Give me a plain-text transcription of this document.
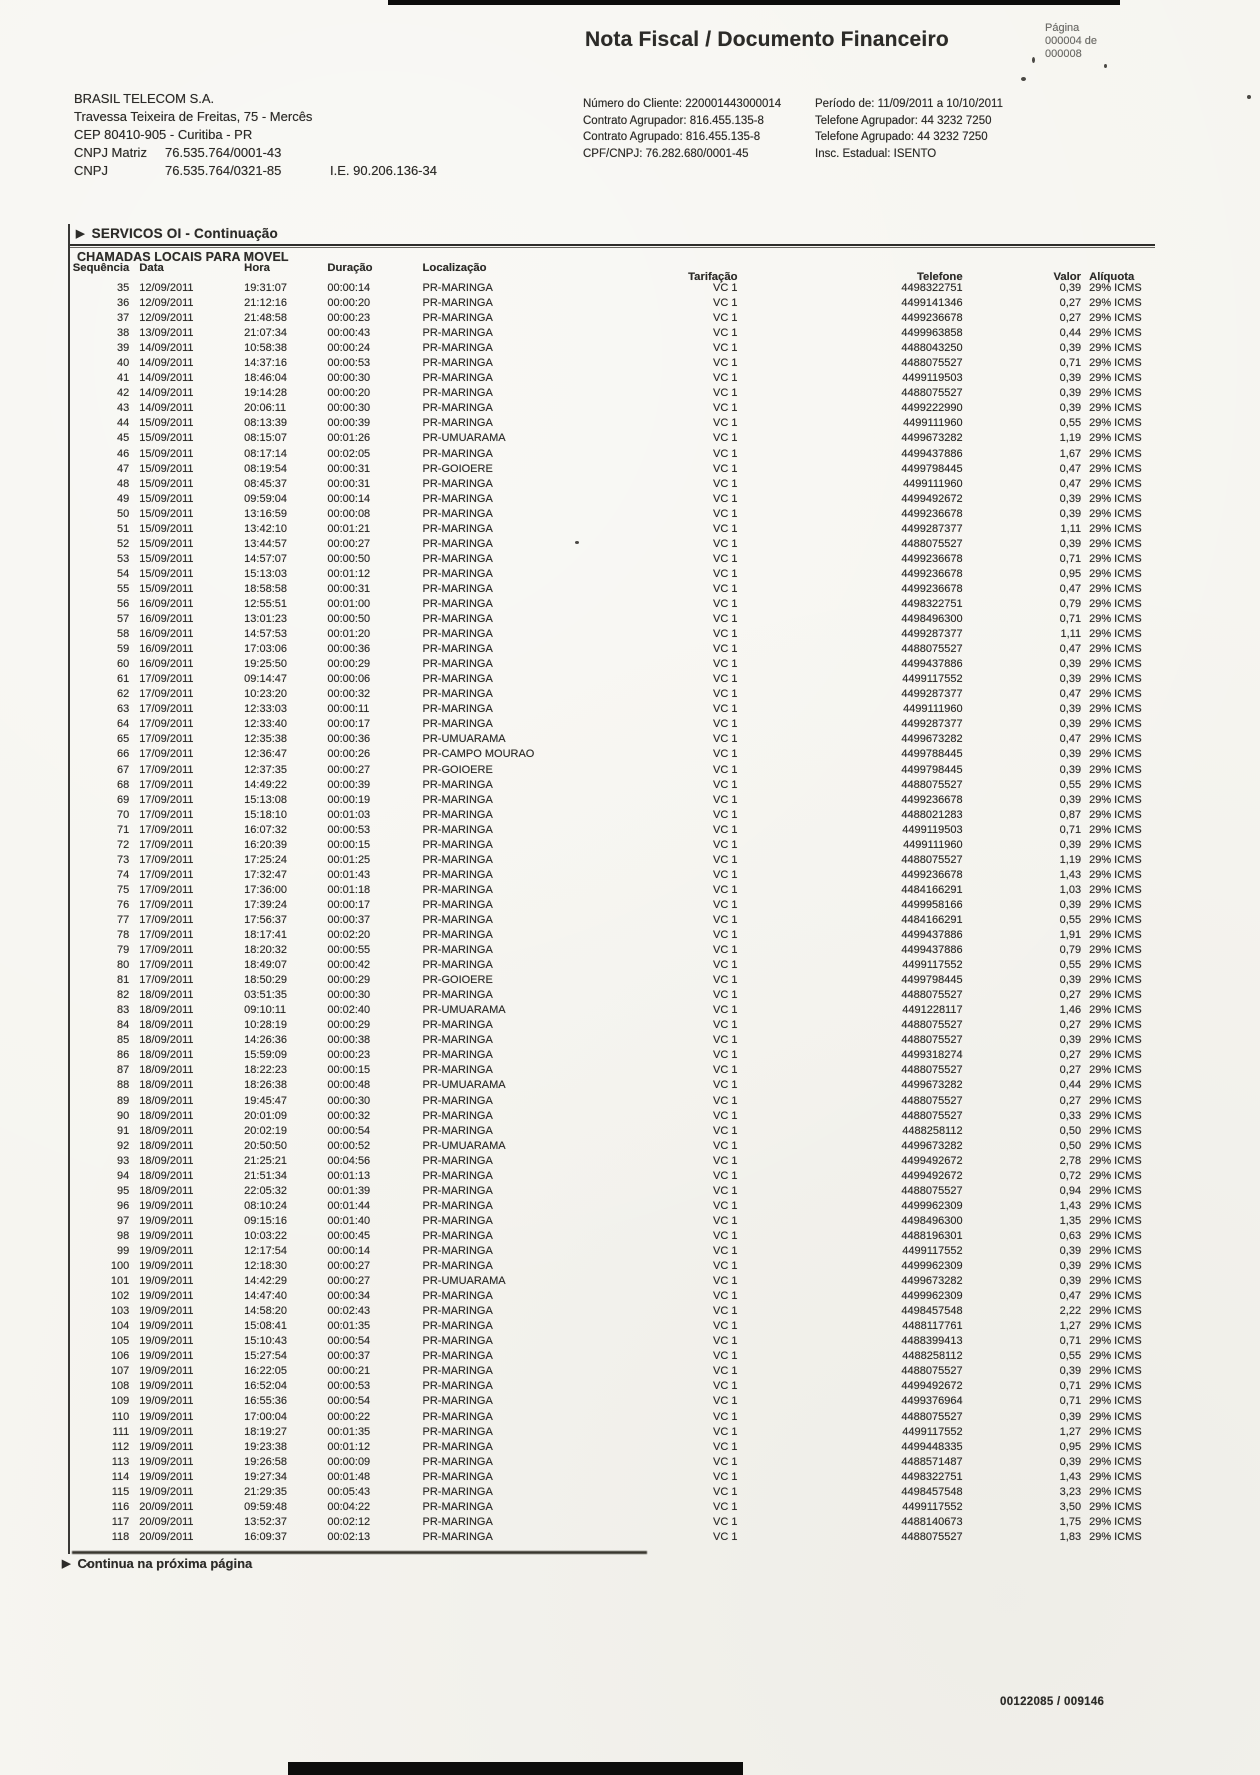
Nota Fiscal / Documento Financeiro	Página
000004 de
000008
BRASIL TELECOM S.A.
Travessa Teixeira de Freitas, 75 - Mercês
CEP 80410-905 - Curitiba - PR
CNPJ Matriz	76.535.764/0001-43
CNPJ	76.535.764/0321-85	I.E. 90.206.136-34
Número do Cliente: 220001443000014
Contrato Agrupador: 816.455.135-8
Contrato Agrupado: 816.455.135-8
CPF/CNPJ: 76.282.680/0001-45
Período de: 11/09/2011 a 10/10/2011
Telefone Agrupador: 44 3232 7250
Telefone Agrupado: 44 3232 7250
Insc. Estadual: ISENTO
▶ SERVICOS OI - Continuação
CHAMADAS LOCAIS PARA MOVEL
Sequência Data	Hora	Duração	Localização
Tarifação	Telefone	Valor Alíquota
35 12/09/2011	19:31:07	00:00:14	PR-MARINGA	VC 1	4498322751	0,39 29% ICMS
36 12/09/2011	21:12:16	00:00:20	PR-MARINGA	VC 1	4499141346	0,27 29% ICMS
37 12/09/2011	21:48:58	00:00:23	PR-MARINGA	VC 1	4499236678	0,27 29% ICMS
38 13/09/2011	21:07:34	00:00:43	PR-MARINGA	VC 1	4499963858	0,44 29% ICMS
39 14/09/2011	10:58:38	00:00:24	PR-MARINGA	VC 1	4488043250	0,39 29% ICMS
40 14/09/2011	14:37:16	00:00:53	PR-MARINGA	VC 1	4488075527	0,71 29% ICMS
41 14/09/2011	18:46:04	00:00:30	PR-MARINGA	VC 1	4499119503	0,39 29% ICMS
42 14/09/2011	19:14:28	00:00:20	PR-MARINGA	VC 1	4488075527	0,39 29% ICMS
43 14/09/2011	20:06:11	00:00:30	PR-MARINGA	VC 1	4499222990	0,39 29% ICMS
44 15/09/2011	08:13:39	00:00:39	PR-MARINGA	VC 1	4499111960	0,55 29% ICMS
45 15/09/2011	08:15:07	00:01:26	PR-UMUARAMA	VC 1	4499673282	1,19 29% ICMS
46 15/09/2011	08:17:14	00:02:05	PR-MARINGA	VC 1	4499437886	1,67 29% ICMS
47 15/09/2011	08:19:54	00:00:31	PR-GOIOERE	VC 1	4499798445	0,47 29% ICMS
48 15/09/2011	08:45:37	00:00:31	PR-MARINGA	VC 1	4499111960	0,47 29% ICMS
49 15/09/2011	09:59:04	00:00:14	PR-MARINGA	VC 1	4499492672	0,39 29% ICMS
50 15/09/2011	13:16:59	00:00:08	PR-MARINGA	VC 1	4499236678	0,39 29% ICMS
51 15/09/2011	13:42:10	00:01:21	PR-MARINGA	VC 1	4499287377	1,11 29% ICMS
52 15/09/2011	13:44:57	00:00:27	PR-MARINGA	VC 1	4488075527	0,39 29% ICMS
53 15/09/2011	14:57:07	00:00:50	PR-MARINGA	VC 1	4499236678	0,71 29% ICMS
54 15/09/2011	15:13:03	00:01:12	PR-MARINGA	VC 1	4499236678	0,95 29% ICMS
55 15/09/2011	18:58:58	00:00:31	PR-MARINGA	VC 1	4499236678	0,47 29% ICMS
56 16/09/2011	12:55:51	00:01:00	PR-MARINGA	VC 1	4498322751	0,79 29% ICMS
57 16/09/2011	13:01:23	00:00:50	PR-MARINGA	VC 1	4498496300	0,71 29% ICMS
58 16/09/2011	14:57:53	00:01:20	PR-MARINGA	VC 1	4499287377	1,11 29% ICMS
59 16/09/2011	17:03:06	00:00:36	PR-MARINGA	VC 1	4488075527	0,47 29% ICMS
60 16/09/2011	19:25:50	00:00:29	PR-MARINGA	VC 1	4499437886	0,39 29% ICMS
61 17/09/2011	09:14:47	00:00:06	PR-MARINGA	VC 1	4499117552	0,39 29% ICMS
62 17/09/2011	10:23:20	00:00:32	PR-MARINGA	VC 1	4499287377	0,47 29% ICMS
63 17/09/2011	12:33:03	00:00:11	PR-MARINGA	VC 1	4499111960	0,39 29% ICMS
64 17/09/2011	12:33:40	00:00:17	PR-MARINGA	VC 1	4499287377	0,39 29% ICMS
65 17/09/2011	12:35:38	00:00:36	PR-UMUARAMA	VC 1	4499673282	0,47 29% ICMS
66 17/09/2011	12:36:47	00:00:26	PR-CAMPO MOURAO	VC 1	4499788445	0,39 29% ICMS
67 17/09/2011	12:37:35	00:00:27	PR-GOIOERE	VC 1	4499798445	0,39 29% ICMS
68 17/09/2011	14:49:22	00:00:39	PR-MARINGA	VC 1	4488075527	0,55 29% ICMS
69 17/09/2011	15:13:08	00:00:19	PR-MARINGA	VC 1	4499236678	0,39 29% ICMS
70 17/09/2011	15:18:10	00:01:03	PR-MARINGA	VC 1	4488021283	0,87 29% ICMS
71 17/09/2011	16:07:32	00:00:53	PR-MARINGA	VC 1	4499119503	0,71 29% ICMS
72 17/09/2011	16:20:39	00:00:15	PR-MARINGA	VC 1	4499111960	0,39 29% ICMS
73 17/09/2011	17:25:24	00:01:25	PR-MARINGA	VC 1	4488075527	1,19 29% ICMS
74 17/09/2011	17:32:47	00:01:43	PR-MARINGA	VC 1	4499236678	1,43 29% ICMS
75 17/09/2011	17:36:00	00:01:18	PR-MARINGA	VC 1	4484166291	1,03 29% ICMS
76 17/09/2011	17:39:24	00:00:17	PR-MARINGA	VC 1	4499958166	0,39 29% ICMS
77 17/09/2011	17:56:37	00:00:37	PR-MARINGA	VC 1	4484166291	0,55 29% ICMS
78 17/09/2011	18:17:41	00:02:20	PR-MARINGA	VC 1	4499437886	1,91 29% ICMS
79 17/09/2011	18:20:32	00:00:55	PR-MARINGA	VC 1	4499437886	0,79 29% ICMS
80 17/09/2011	18:49:07	00:00:42	PR-MARINGA	VC 1	4499117552	0,55 29% ICMS
81 17/09/2011	18:50:29	00:00:29	PR-GOIOERE	VC 1	4499798445	0,39 29% ICMS
82 18/09/2011	03:51:35	00:00:30	PR-MARINGA	VC 1	4488075527	0,27 29% ICMS
83 18/09/2011	09:10:11	00:02:40	PR-UMUARAMA	VC 1	4491228117	1,46 29% ICMS
84 18/09/2011	10:28:19	00:00:29	PR-MARINGA	VC 1	4488075527	0,27 29% ICMS
85 18/09/2011	14:26:36	00:00:38	PR-MARINGA	VC 1	4488075527	0,39 29% ICMS
86 18/09/2011	15:59:09	00:00:23	PR-MARINGA	VC 1	4499318274	0,27 29% ICMS
87 18/09/2011	18:22:23	00:00:15	PR-MARINGA	VC 1	4488075527	0,27 29% ICMS
88 18/09/2011	18:26:38	00:00:48	PR-UMUARAMA	VC 1	4499673282	0,44 29% ICMS
89 18/09/2011	19:45:47	00:00:30	PR-MARINGA	VC 1	4488075527	0,27 29% ICMS
90 18/09/2011	20:01:09	00:00:32	PR-MARINGA	VC 1	4488075527	0,33 29% ICMS
91 18/09/2011	20:02:19	00:00:54	PR-MARINGA	VC 1	4488258112	0,50 29% ICMS
92 18/09/2011	20:50:50	00:00:52	PR-UMUARAMA	VC 1	4499673282	0,50 29% ICMS
93 18/09/2011	21:25:21	00:04:56	PR-MARINGA	VC 1	4499492672	2,78 29% ICMS
94 18/09/2011	21:51:34	00:01:13	PR-MARINGA	VC 1	4499492672	0,72 29% ICMS
95 18/09/2011	22:05:32	00:01:39	PR-MARINGA	VC 1	4488075527	0,94 29% ICMS
96 19/09/2011	08:10:24	00:01:44	PR-MARINGA	VC 1	4499962309	1,43 29% ICMS
97 19/09/2011	09:15:16	00:01:40	PR-MARINGA	VC 1	4498496300	1,35 29% ICMS
98 19/09/2011	10:03:22	00:00:45	PR-MARINGA	VC 1	4488196301	0,63 29% ICMS
99 19/09/2011	12:17:54	00:00:14	PR-MARINGA	VC 1	4499117552	0,39 29% ICMS
100 19/09/2011	12:18:30	00:00:27	PR-MARINGA	VC 1	4499962309	0,39 29% ICMS
101 19/09/2011	14:42:29	00:00:27	PR-UMUARAMA	VC 1	4499673282	0,39 29% ICMS
102 19/09/2011	14:47:40	00:00:34	PR-MARINGA	VC 1	4499962309	0,47 29% ICMS
103 19/09/2011	14:58:20	00:02:43	PR-MARINGA	VC 1	4498457548	2,22 29% ICMS
104 19/09/2011	15:08:41	00:01:35	PR-MARINGA	VC 1	4488117761	1,27 29% ICMS
105 19/09/2011	15:10:43	00:00:54	PR-MARINGA	VC 1	4488399413	0,71 29% ICMS
106 19/09/2011	15:27:54	00:00:37	PR-MARINGA	VC 1	4488258112	0,55 29% ICMS
107 19/09/2011	16:22:05	00:00:21	PR-MARINGA	VC 1	4488075527	0,39 29% ICMS
108 19/09/2011	16:52:04	00:00:53	PR-MARINGA	VC 1	4499492672	0,71 29% ICMS
109 19/09/2011	16:55:36	00:00:54	PR-MARINGA	VC 1	4499376964	0,71 29% ICMS
110 19/09/2011	17:00:04	00:00:22	PR-MARINGA	VC 1	4488075527	0,39 29% ICMS
111 19/09/2011	18:19:27	00:01:35	PR-MARINGA	VC 1	4499117552	1,27 29% ICMS
112 19/09/2011	19:23:38	00:01:12	PR-MARINGA	VC 1	4499448335	0,95 29% ICMS
113 19/09/2011	19:26:58	00:00:09	PR-MARINGA	VC 1	4488571487	0,39 29% ICMS
114 19/09/2011	19:27:34	00:01:48	PR-MARINGA	VC 1	4498322751	1,43 29% ICMS
115 19/09/2011	21:29:35	00:05:43	PR-MARINGA	VC 1	4498457548	3,23 29% ICMS
116 20/09/2011	09:59:48	00:04:22	PR-MARINGA	VC 1	4499117552	3,50 29% ICMS
117 20/09/2011	13:52:37	00:02:12	PR-MARINGA	VC 1	4488140673	1,75 29% ICMS
118 20/09/2011	16:09:37	00:02:13	PR-MARINGA	VC 1	4488075527	1,83 29% ICMS
▶ Continua na próxima página
00122085 / 009146
